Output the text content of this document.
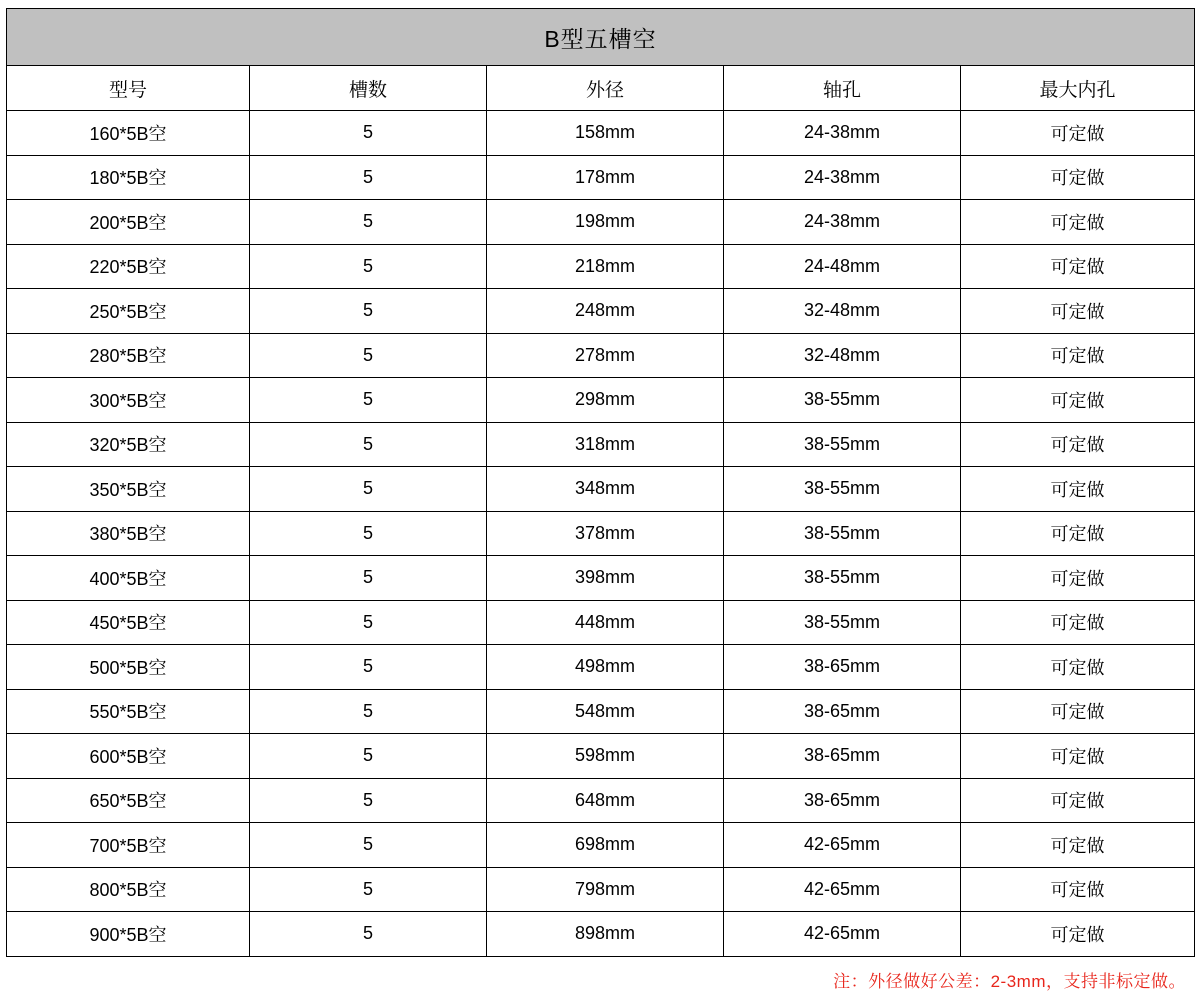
B型五槽空				
型号	槽数	外径	轴孔	最大内孔
160*5B空	5	158mm	24-38mm	可定做
180*5B空	5	178mm	24-38mm	可定做
200*5B空	5	198mm	24-38mm	可定做
220*5B空	5	218mm	24-48mm	可定做
250*5B空	5	248mm	32-48mm	可定做
280*5B空	5	278mm	32-48mm	可定做
300*5B空	5	298mm	38-55mm	可定做
320*5B空	5	318mm	38-55mm	可定做
350*5B空	5	348mm	38-55mm	可定做
380*5B空	5	378mm	38-55mm	可定做
400*5B空	5	398mm	38-55mm	可定做
450*5B空	5	448mm	38-55mm	可定做
500*5B空	5	498mm	38-65mm	可定做
550*5B空	5	548mm	38-65mm	可定做
600*5B空	5	598mm	38-65mm	可定做
650*5B空	5	648mm	38-65mm	可定做
700*5B空	5	698mm	42-65mm	可定做
800*5B空	5	798mm	42-65mm	可定做
900*5B空	5	898mm	42-65mm	可定做
注：外径做好公差：2-3mm，支持非标定做。
